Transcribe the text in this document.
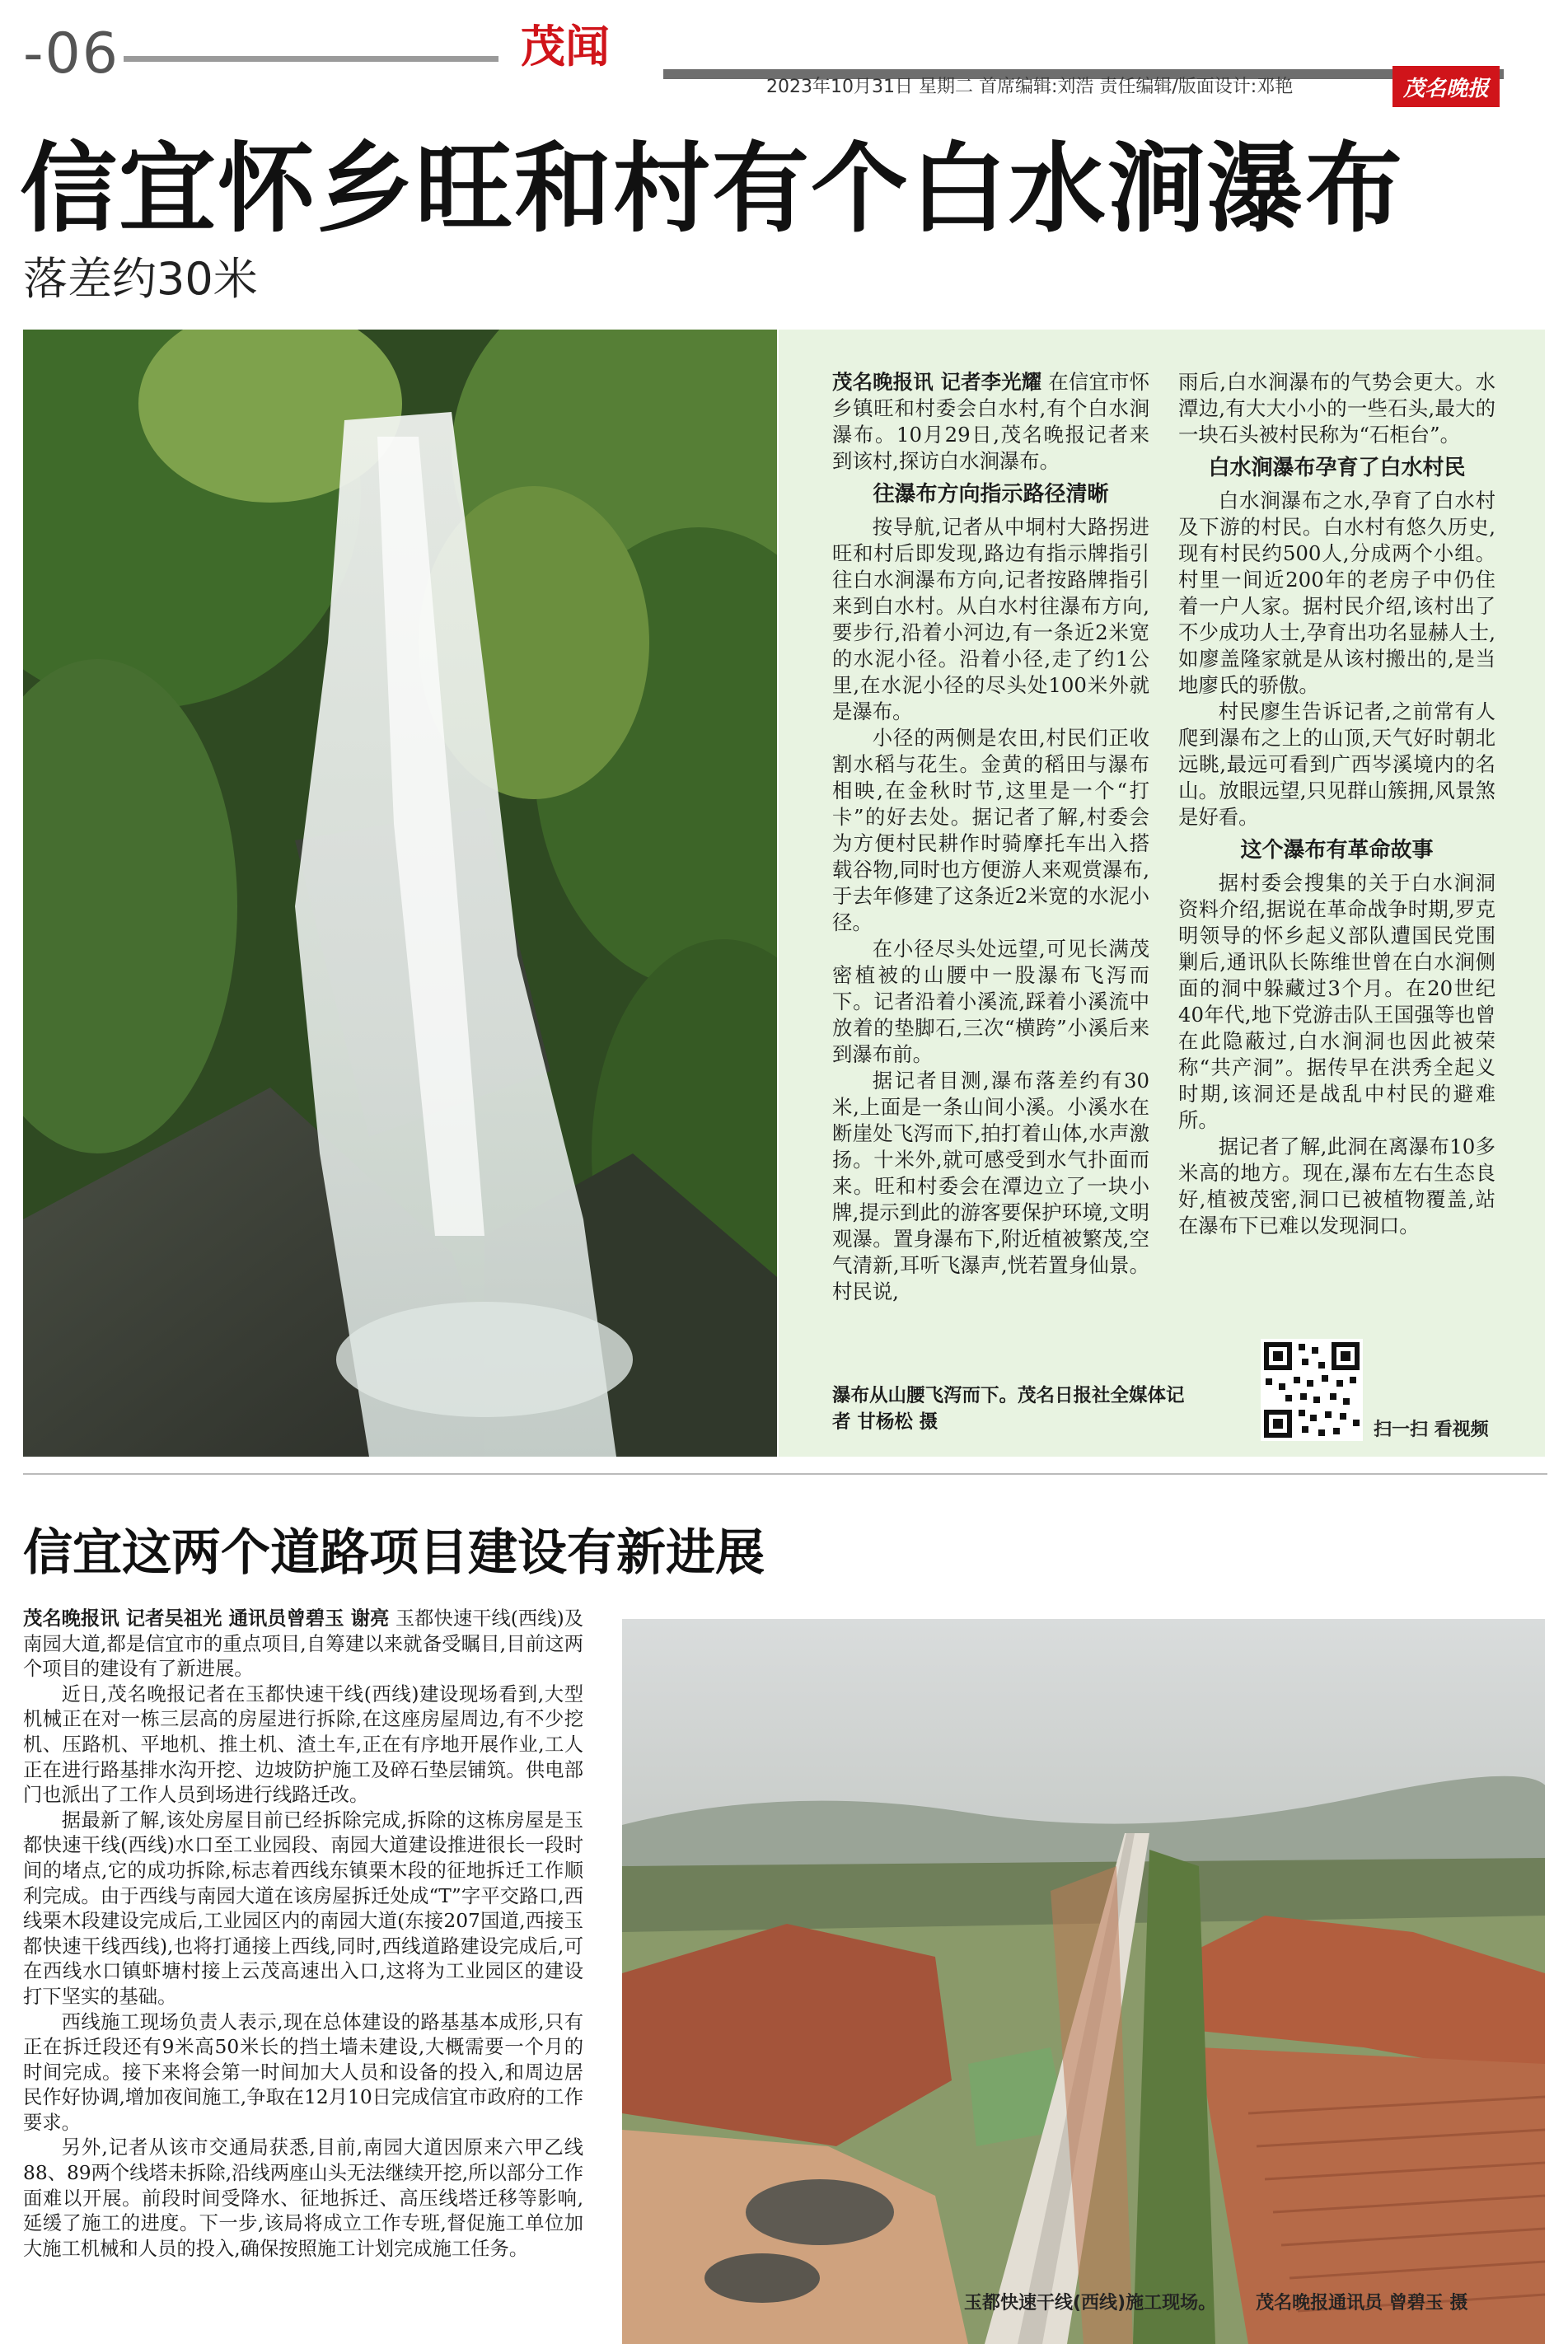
-06	茂闻
2023年10月31日 星期二 首席编辑:刘浩 责任编辑/版面设计:邓艳	茂名晚报
信宜怀乡旺和村有个白水涧瀑布
落差约30米

茂名晚报讯 记者李光耀 在信宜市怀乡镇旺和村委会白水村,有个白水涧瀑布。10月29日,茂名晚报记者来到该村,探访白水涧瀑布。

往瀑布方向指示路径清晰

按导航,记者从中垌村大路拐进旺和村后即发现,路边有指示牌指引往白水涧瀑布方向,记者按路牌指引来到白水村。从白水村往瀑布方向,要步行,沿着小河边,有一条近2米宽的水泥小径。沿着小径,走了约1公里,在水泥小径的尽头处100米外就是瀑布。

小径的两侧是农田,村民们正收割水稻与花生。金黄的稻田与瀑布相映,在金秋时节,这里是一个“打卡”的好去处。据记者了解,村委会为方便村民耕作时骑摩托车出入搭载谷物,同时也方便游人来观赏瀑布,于去年修建了这条近2米宽的水泥小径。

在小径尽头处远望,可见长满茂密植被的山腰中一股瀑布飞泻而下。记者沿着小溪流,踩着小溪流中放着的垫脚石,三次“横跨”小溪后来到瀑布前。

据记者目测,瀑布落差约有30米,上面是一条山间小溪。小溪水在断崖处飞泻而下,拍打着山体,水声激扬。十米外,就可感受到水气扑面而来。旺和村委会在潭边立了一块小牌,提示到此的游客要保护环境,文明观瀑。置身瀑布下,附近植被繁茂,空气清新,耳听飞瀑声,恍若置身仙景。村民说,

雨后,白水涧瀑布的气势会更大。水潭边,有大大小小的一些石头,最大的一块石头被村民称为“石柜台”。

白水涧瀑布孕育了白水村民

白水涧瀑布之水,孕育了白水村及下游的村民。白水村有悠久历史,现有村民约500人,分成两个小组。村里一间近200年的老房子中仍住着一户人家。据村民介绍,该村出了不少成功人士,孕育出功名显赫人士,如廖盖隆家就是从该村搬出的,是当地廖氏的骄傲。

村民廖生告诉记者,之前常有人爬到瀑布之上的山顶,天气好时朝北远眺,最远可看到广西岑溪境内的名山。放眼远望,只见群山簇拥,风景煞是好看。

这个瀑布有革命故事

据村委会搜集的关于白水涧洞资料介绍,据说在革命战争时期,罗克明领导的怀乡起义部队遭国民党围剿后,通讯队长陈维世曾在白水涧侧面的洞中躲藏过3个月。在20世纪40年代,地下党游击队王国强等也曾在此隐蔽过,白水涧洞也因此被荣称“共产洞”。据传早在洪秀全起义时期,该洞还是战乱中村民的避难所。

据记者了解,此洞在离瀑布10多米高的地方。现在,瀑布左右生态良好,植被茂密,洞口已被植物覆盖,站在瀑布下已难以发现洞口。

瀑布从山腰飞泻而下。茂名日报社全媒体记者 甘杨松 摄	扫一扫 看视频
信宜这两个道路项目建设有新进展

茂名晚报讯 记者吴祖光 通讯员曾碧玉 谢亮 玉都快速干线(西线)及南园大道,都是信宜市的重点项目,自筹建以来就备受瞩目,目前这两个项目的建设有了新进展。

近日,茂名晚报记者在玉都快速干线(西线)建设现场看到,大型机械正在对一栋三层高的房屋进行拆除,在这座房屋周边,有不少挖机、压路机、平地机、推土机、渣土车,正在有序地开展作业,工人正在进行路基排水沟开挖、边坡防护施工及碎石垫层铺筑。供电部门也派出了工作人员到场进行线路迁改。

据最新了解,该处房屋目前已经拆除完成,拆除的这栋房屋是玉都快速干线(西线)水口至工业园段、南园大道建设推进很长一段时间的堵点,它的成功拆除,标志着西线东镇栗木段的征地拆迁工作顺利完成。由于西线与南园大道在该房屋拆迁处成“T”字平交路口,西线栗木段建设完成后,工业园区内的南园大道(东接207国道,西接玉都快速干线西线),也将打通接上西线,同时,西线道路建设完成后,可在西线水口镇虾塘村接上云茂高速出入口,这将为工业园区的建设打下坚实的基础。

西线施工现场负责人表示,现在总体建设的路基基本成形,只有正在拆迁段还有9米高50米长的挡土墙未建设,大概需要一个月的时间完成。接下来将会第一时间加大人员和设备的投入,和周边居民作好协调,增加夜间施工,争取在12月10日完成信宜市政府的工作要求。

另外,记者从该市交通局获悉,目前,南园大道因原来六甲乙线88、89两个线塔未拆除,沿线两座山头无法继续开挖,所以部分工作面难以开展。前段时间受降水、征地拆迁、高压线塔迁移等影响,延缓了施工的进度。下一步,该局将成立工作专班,督促施工单位加大施工机械和人员的投入,确保按照施工计划完成施工任务。

玉都快速干线(西线)施工现场。 茂名晚报通讯员 曾碧玉 摄
